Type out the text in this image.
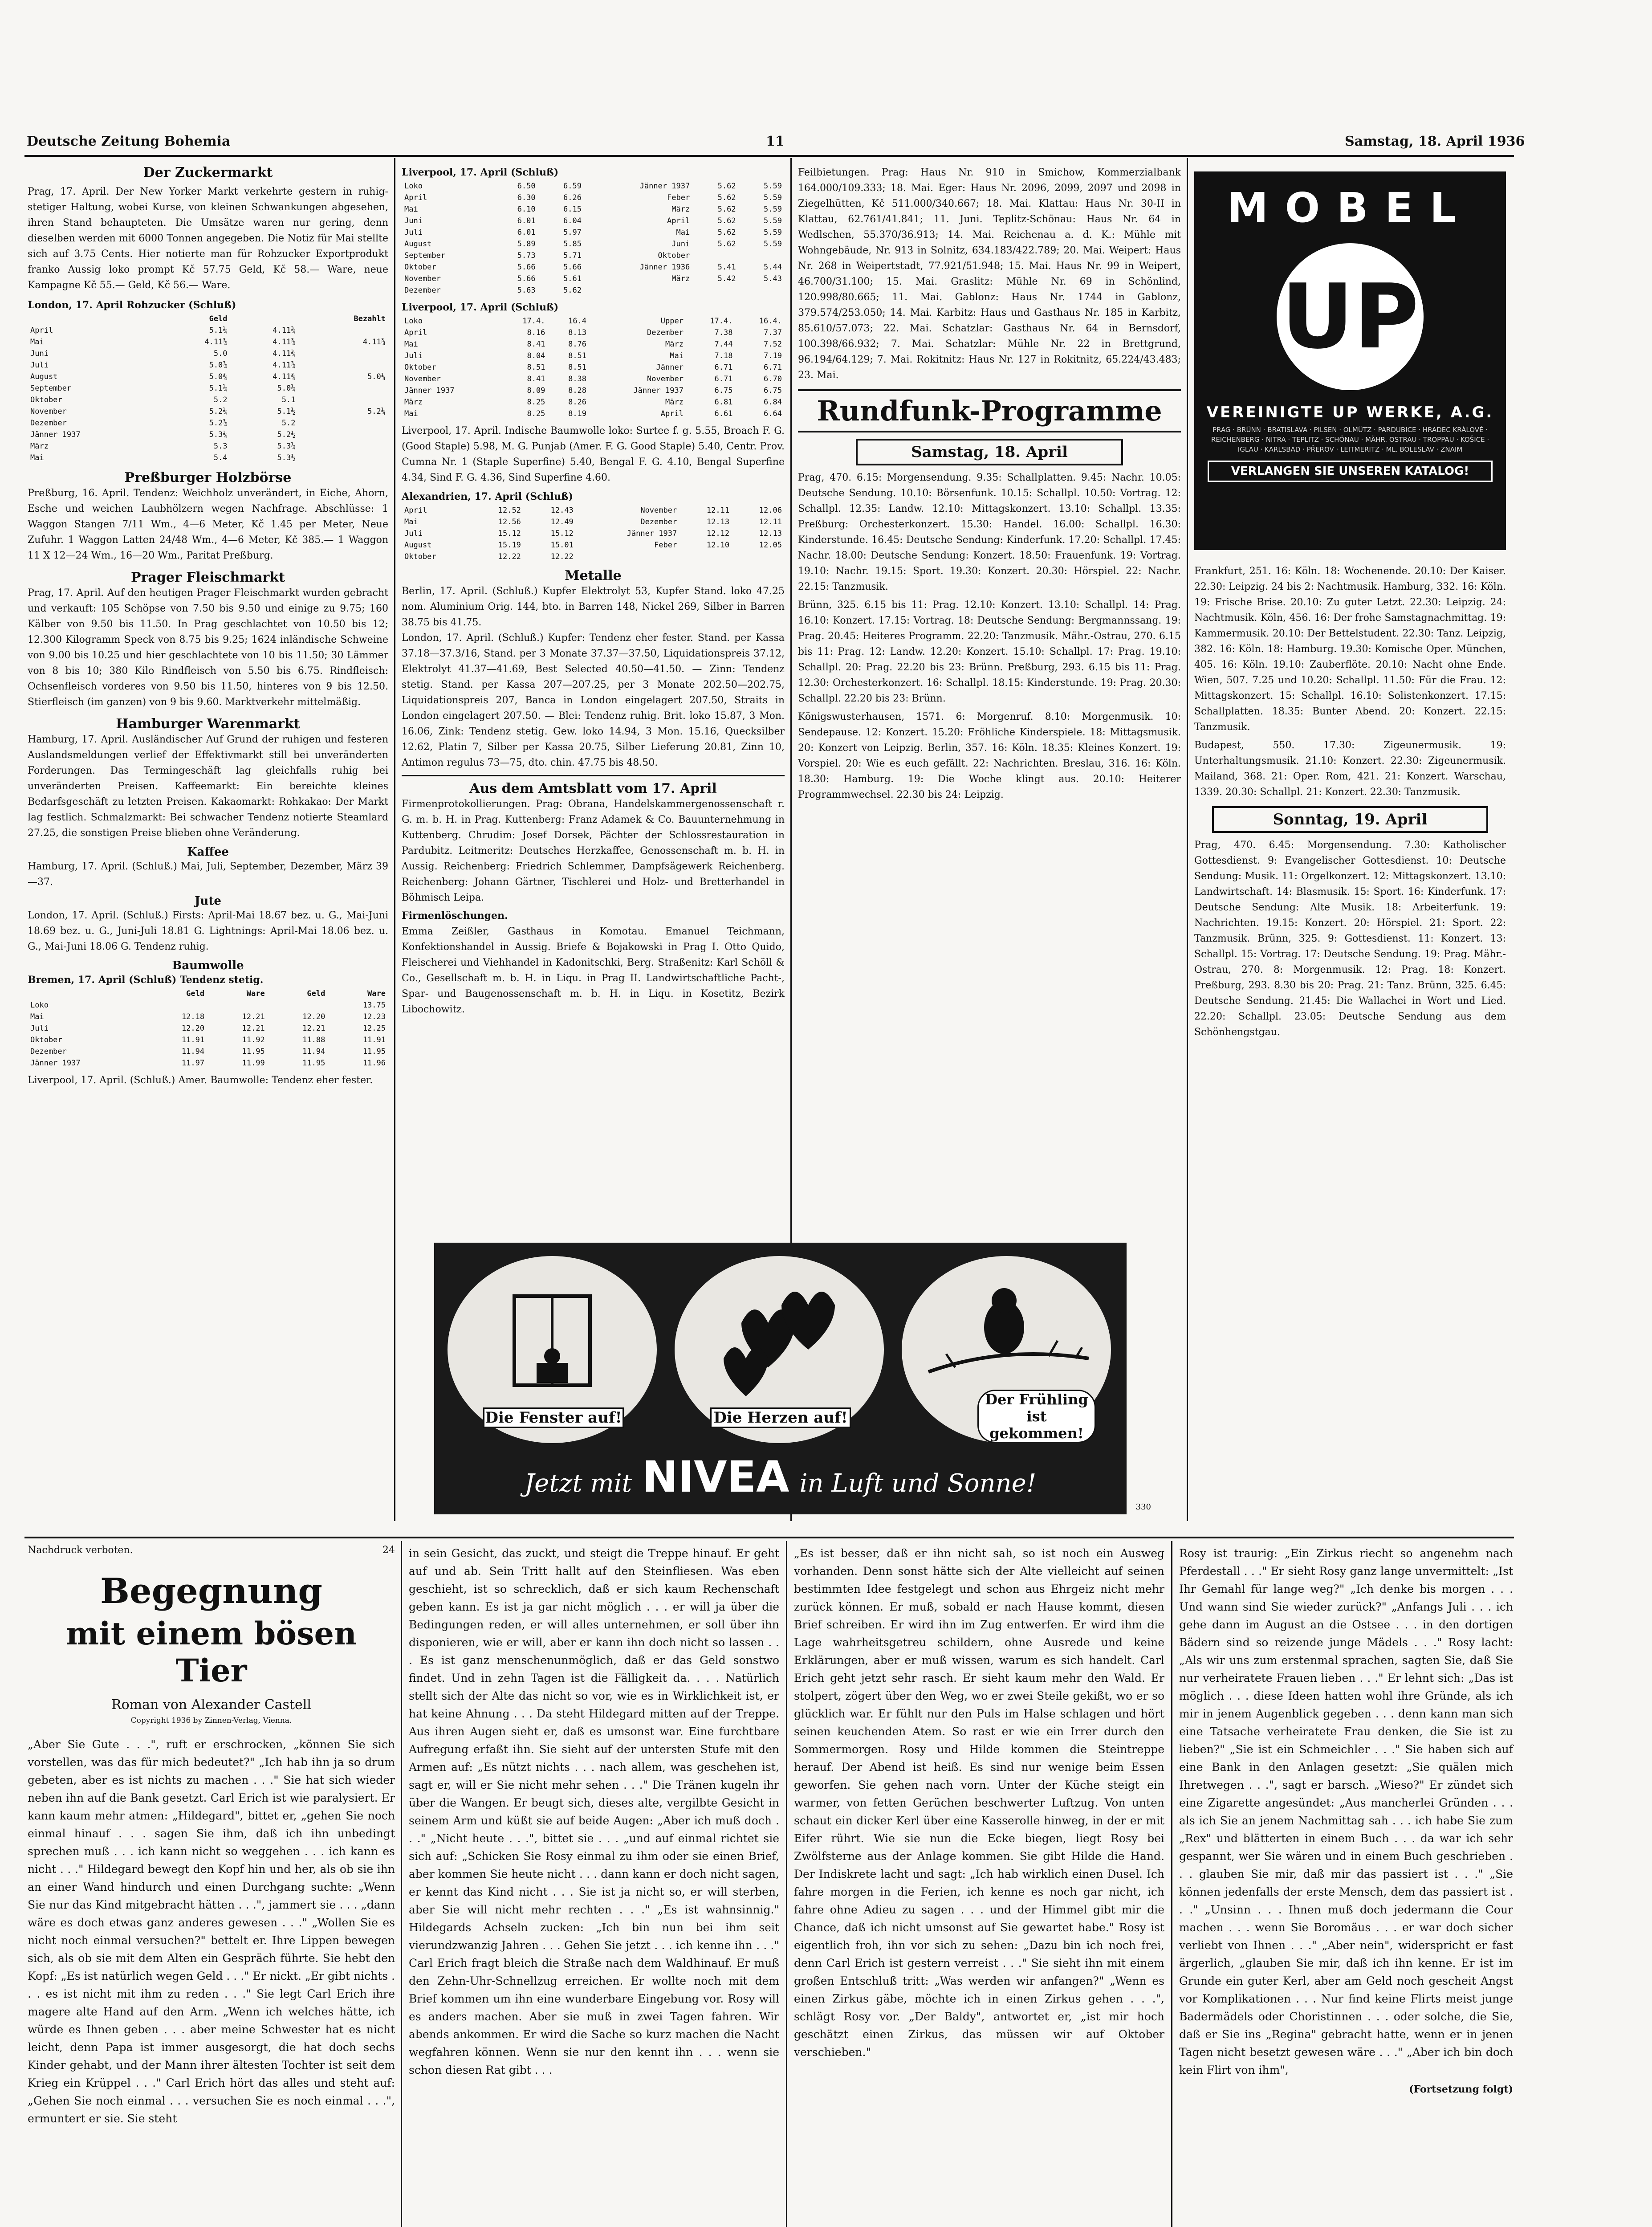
Deutsche Zeitung Bohemia	11	Samstag, 18. April 1936
Der Zuckermarkt
Prag, 17. April. Der New Yorker Markt verkehrte gestern in ruhig-stetiger Haltung, wobei Kurse, von kleinen Schwankungen abgesehen, ihren Stand behaupteten. Die Umsätze waren nur gering, denn dieselben werden mit 6000 Tonnen angegeben. Die Notiz für Mai stellte sich auf 3.75 Cents. Hier notierte man für Rohzucker Exportprodukt franko Aussig loko prompt Kč 57.75 Geld, Kč 58.— Ware, neue Kampagne Kč 55.— Geld, Kč 56.— Ware.
London, 17. April Rohzucker (Schluß)
	Geld		Bezahlt
April	5.1¼	4.11¾	
Mai	4.11¾	4.11¾	4.11¾
Juni	5.0	4.11¾	
Juli	5.0¾	4.11¾	
August	5.0¾	4.11¾	5.0¼
September	5.1¼	5.0¼	
Oktober	5.2	5.1	
November	5.2¼	5.1½	5.2¼
Dezember	5.2¾	5.2	
Jänner 1937	5.3¼	5.2½	
März	5.3	5.3¼	
Mai	5.4	5.3½	
Preßburger Holzbörse
Preßburg, 16. April. Tendenz: Weichholz unverändert, in Eiche, Ahorn, Esche und weichen Laubhölzern wegen Nachfrage. Abschlüsse: 1 Waggon Stangen 7/11 Wm., 4—6 Meter, Kč 1.45 per Meter, Neue Zufuhr. 1 Waggon Latten 24/48 Wm., 4—6 Meter, Kč 385.— 1 Waggon 11 X 12—24 Wm., 16—20 Wm., Paritat Preßburg.
Prager Fleischmarkt
Prag, 17. April. Auf den heutigen Prager Fleischmarkt wurden gebracht und verkauft: 105 Schöpse von 7.50 bis 9.50 und einige zu 9.75; 160 Kälber von 9.50 bis 11.50. In Prag geschlachtet von 10.50 bis 12; 12.300 Kilogramm Speck von 8.75 bis 9.25; 1624 inländische Schweine von 9.00 bis 10.25 und hier geschlachtete von 10 bis 11.50; 30 Lämmer von 8 bis 10; 380 Kilo Rindfleisch von 5.50 bis 6.75. Rindfleisch: Ochsenfleisch vorderes von 9.50 bis 11.50, hinteres von 9 bis 12.50. Stierfleisch (im ganzen) von 9 bis 9.60. Marktverkehr mittelmäßig.
Hamburger Warenmarkt
Hamburg, 17. April. Ausländischer Auf Grund der ruhigen und festeren Auslandsmeldungen verlief der Effektivmarkt still bei unveränderten Forderungen. Das Termingeschäft lag gleichfalls ruhig bei unveränderten Preisen. Kaffeemarkt: Ein bereichte kleines Bedarfsgeschäft zu letzten Preisen. Kakaomarkt: Rohkakao: Der Markt lag festlich. Schmalzmarkt: Bei schwacher Tendenz notierte Steamlard 27.25, die sonstigen Preise blieben ohne Veränderung.
Kaffee
Hamburg, 17. April. (Schluß.) Mai, Juli, September, Dezember, März 39—37.
Jute
London, 17. April. (Schluß.) Firsts: April-Mai 18.67 bez. u. G., Mai-Juni 18.69 bez. u. G., Juni-Juli 18.81 G. Lightnings: April-Mai 18.06 bez. u. G., Mai-Juni 18.06 G. Tendenz ruhig.
Baumwolle
Bremen, 17. April (Schluß) Tendenz stetig.
	Geld	Ware	Geld	Ware
Loko				13.75
Mai	12.18	12.21	12.20	12.23
Juli	12.20	12.21	12.21	12.25
Oktober	11.91	11.92	11.88	11.91
Dezember	11.94	11.95	11.94	11.95
Jänner 1937	11.97	11.99	11.95	11.96
Liverpool, 17. April. (Schluß.) Amer. Baumwolle: Tendenz eher fester.
Liverpool, 17. April (Schluß)
Loko	6.50	6.59	Jänner 1937	5.62	5.59
April	6.30	6.26	Feber	5.62	5.59
Mai	6.10	6.15	März	5.62	5.59
Juni	6.01	6.04	April	5.62	5.59
Juli	6.01	5.97	Mai	5.62	5.59
August	5.89	5.85	Juni	5.62	5.59
September	5.73	5.71	Oktober		
Oktober	5.66	5.66	Jänner 1936	5.41	5.44
November	5.66	5.61	März	5.42	5.43
Dezember	5.63	5.62			
Liverpool, 17. April (Schluß)
Loko	17.4.	16.4	Upper	17.4.	16.4.
April	8.16	8.13	Dezember	7.38	7.37
Mai	8.41	8.76	März	7.44	7.52
Juli	8.04	8.51	Mai	7.18	7.19
Oktober	8.51	8.51	Jänner	6.71	6.71
November	8.41	8.38	November	6.71	6.70
Jänner 1937	8.09	8.28	Jänner 1937	6.75	6.75
März	8.25	8.26	März	6.81	6.84
Mai	8.25	8.19	April	6.61	6.64
Liverpool, 17. April. Indische Baumwolle loko: Surtee f. g. 5.55, Broach F. G. (Good Staple) 5.98, M. G. Punjab (Amer. F. G. Good Staple) 5.40, Centr. Prov. Cumna Nr. 1 (Staple Superfine) 5.40, Bengal F. G. 4.10, Bengal Superfine 4.34, Sind F. G. 4.36, Sind Superfine 4.60.
Alexandrien, 17. April (Schluß)
April	12.52	12.43	November	12.11	12.06
Mai	12.56	12.49	Dezember	12.13	12.11
Juli	15.12	15.12	Jänner 1937	12.12	12.13
August	15.19	15.01	Feber	12.10	12.05
Oktober	12.22	12.22			
Metalle
Berlin, 17. April. (Schluß.) Kupfer Elektrolyt 53, Kupfer Stand. loko 47.25 nom. Aluminium Orig. 144, bto. in Barren 148, Nickel 269, Silber in Barren 38.75 bis 41.75.
London, 17. April. (Schluß.) Kupfer: Tendenz eher fester. Stand. per Kassa 37.18—37.3/16, Stand. per 3 Monate 37.37—37.50, Liquidationspreis 37.12, Elektrolyt 41.37—41.69, Best Selected 40.50—41.50. — Zinn: Tendenz stetig. Stand. per Kassa 207—207.25, per 3 Monate 202.50—202.75, Liquidationspreis 207, Banca in London eingelagert 207.50, Straits in London eingelagert 207.50. — Blei: Tendenz ruhig. Brit. loko 15.87, 3 Mon. 16.06, Zink: Tendenz stetig. Gew. loko 14.94, 3 Mon. 15.16, Quecksilber 12.62, Platin 7, Silber per Kassa 20.75, Silber Lieferung 20.81, Zinn 10, Antimon regulus 73—75, dto. chin. 47.75 bis 48.50.
Aus dem Amtsblatt vom 17. April
Firmenprotokollierungen. Prag: Obrana, Handelskammergenossenschaft r. G. m. b. H. in Prag. Kuttenberg: Franz Adamek & Co. Bauunternehmung in Kuttenberg. Chrudim: Josef Dorsek, Pächter der Schlossrestauration in Pardubitz. Leitmeritz: Deutsches Herzkaffee, Genossenschaft m. b. H. in Aussig. Reichenberg: Friedrich Schlemmer, Dampfsägewerk Reichenberg. Reichenberg: Johann Gärtner, Tischlerei und Holz- und Bretterhandel in Böhmisch Leipa.
Firmenlöschungen.
Emma Zeißler, Gasthaus in Komotau. Emanuel Teichmann, Konfektionshandel in Aussig. Briefe & Bojakowski in Prag I. Otto Quido, Fleischerei und Viehhandel in Kadonitschki, Berg. Straßenitz: Karl Schöll & Co., Gesellschaft m. b. H. in Liqu. in Prag II. Landwirtschaftliche Pacht-, Spar- und Baugenossenschaft m. b. H. in Liqu. in Kosetitz, Bezirk Libochowitz.
Feilbietungen. Prag: Haus Nr. 910 in Smichow, Kommerzialbank 164.000/109.333; 18. Mai. Eger: Haus Nr. 2096, 2099, 2097 und 2098 in Ziegelhütten, Kč 511.000/340.667; 18. Mai. Klattau: Haus Nr. 30-II in Klattau, 62.761/41.841; 11. Juni. Teplitz-Schönau: Haus Nr. 64 in Wedlschen, 55.370/36.913; 14. Mai. Reichenau a. d. K.: Mühle mit Wohngebäude, Nr. 913 in Solnitz, 634.183/422.789; 20. Mai. Weipert: Haus Nr. 268 in Weipertstadt, 77.921/51.948; 15. Mai. Haus Nr. 99 in Weipert, 46.700/31.100; 15. Mai. Graslitz: Mühle Nr. 69 in Schönlind, 120.998/80.665; 11. Mai. Gablonz: Haus Nr. 1744 in Gablonz, 379.574/253.050; 14. Mai. Karbitz: Haus und Gasthaus Nr. 185 in Karbitz, 85.610/57.073; 22. Mai. Schatzlar: Gasthaus Nr. 64 in Bernsdorf, 100.398/66.932; 7. Mai. Schatzlar: Mühle Nr. 22 in Brettgrund, 96.194/64.129; 7. Mai. Rokitnitz: Haus Nr. 127 in Rokitnitz, 65.224/43.483; 23. Mai.
Rundfunk-Programme
Samstag, 18. April
Prag, 470. 6.15: Morgensendung. 9.35: Schallplatten. 9.45: Nachr. 10.05: Deutsche Sendung. 10.10: Börsenfunk. 10.15: Schallpl. 10.50: Vortrag. 12: Schallpl. 12.35: Landw. 12.10: Mittagskonzert. 13.10: Schallpl. 13.35: Preßburg: Orchesterkonzert. 15.30: Handel. 16.00: Schallpl. 16.30: Kinderstunde. 16.45: Deutsche Sendung: Kinderfunk. 17.20: Schallpl. 17.45: Nachr. 18.00: Deutsche Sendung: Konzert. 18.50: Frauenfunk. 19: Vortrag. 19.10: Nachr. 19.15: Sport. 19.30: Konzert. 20.30: Hörspiel. 22: Nachr. 22.15: Tanzmusik.
Brünn, 325. 6.15 bis 11: Prag. 12.10: Konzert. 13.10: Schallpl. 14: Prag. 16.10: Konzert. 17.15: Vortrag. 18: Deutsche Sendung: Bergmannssang. 19: Prag. 20.45: Heiteres Programm. 22.20: Tanzmusik. Mähr.-Ostrau, 270. 6.15 bis 11: Prag. 12: Landw. 12.20: Konzert. 15.10: Schallpl. 17: Prag. 19.10: Schallpl. 20: Prag. 22.20 bis 23: Brünn. Preßburg, 293. 6.15 bis 11: Prag. 12.30: Orchesterkonzert. 16: Schallpl. 18.15: Kinderstunde. 19: Prag. 20.30: Schallpl. 22.20 bis 23: Brünn.
Königswusterhausen, 1571. 6: Morgenruf. 8.10: Morgenmusik. 10: Sendepause. 12: Konzert. 15.20: Fröhliche Kinderspiele. 18: Mittagsmusik. 20: Konzert von Leipzig. Berlin, 357. 16: Köln. 18.35: Kleines Konzert. 19: Vorspiel. 20: Wie es euch gefällt. 22: Nachrichten. Breslau, 316. 16: Köln. 18.30: Hamburg. 19: Die Woche klingt aus. 20.10: Heiterer Programmwechsel. 22.30 bis 24: Leipzig.
MOBEL
UP
VEREINIGTE UP WERKE, A.G.
PRAG · BRÜNN · BRATISLAVA · PILSEN · OLMÜTZ · PARDUBICE · HRADEC KRÁLOVÉ · REICHENBERG · NITRA · TEPLITZ · SCHÖNAU · MÄHR. OSTRAU · TROPPAU · KOŠICE · IGLAU · KARLSBAD · PŘEROV · LEITMERITZ · ML. BOLESLAV · ZNAIM
VERLANGEN SIE UNSEREN KATALOG!
Frankfurt, 251. 16: Köln. 18: Wochenende. 20.10: Der Kaiser. 22.30: Leipzig. 24 bis 2: Nachtmusik. Hamburg, 332. 16: Köln. 19: Frische Brise. 20.10: Zu guter Letzt. 22.30: Leipzig. 24: Nachtmusik. Köln, 456. 16: Der frohe Samstagnachmittag. 19: Kammermusik. 20.10: Der Bettelstudent. 22.30: Tanz. Leipzig, 382. 16: Köln. 18: Hamburg. 19.30: Komische Oper. München, 405. 16: Köln. 19.10: Zauberflöte. 20.10: Nacht ohne Ende. Wien, 507. 7.25 und 10.20: Schallpl. 11.50: Für die Frau. 12: Mittagskonzert. 15: Schallpl. 16.10: Solistenkonzert. 17.15: Schallplatten. 18.35: Bunter Abend. 20: Konzert. 22.15: Tanzmusik.
Budapest, 550. 17.30: Zigeunermusik. 19: Unterhaltungsmusik. 21.10: Konzert. 22.30: Zigeunermusik. Mailand, 368. 21: Oper. Rom, 421. 21: Konzert. Warschau, 1339. 20.30: Schallpl. 21: Konzert. 22.30: Tanzmusik.
Sonntag, 19. April
Prag, 470. 6.45: Morgensendung. 7.30: Katholischer Gottesdienst. 9: Evangelischer Gottesdienst. 10: Deutsche Sendung: Musik. 11: Orgelkonzert. 12: Mittagskonzert. 13.10: Landwirtschaft. 14: Blasmusik. 15: Sport. 16: Kinderfunk. 17: Deutsche Sendung: Alte Musik. 18: Arbeiterfunk. 19: Nachrichten. 19.15: Konzert. 20: Hörspiel. 21: Sport. 22: Tanzmusik. Brünn, 325. 9: Gottesdienst. 11: Konzert. 13: Schallpl. 15: Vortrag. 17: Deutsche Sendung. 19: Prag. Mähr.-Ostrau, 270. 8: Morgenmusik. 12: Prag. 18: Konzert. Preßburg, 293. 8.30 bis 20: Prag. 21: Tanz. Brünn, 325. 6.45: Deutsche Sendung. 21.45: Die Wallachei in Wort und Lied. 22.20: Schallpl. 23.05: Deutsche Sendung aus dem Schönhengstgau.
Die Fenster auf!	Die Herzen auf!
Der Frühling ist gekommen!
Jetzt mit NIVEA in Luft und Sonne!
330
Nachdruck verboten.	24
Begegnung
mit einem bösen Tier
Roman von Alexander Castell
Copyright 1936 by Zinnen-Verlag, Vienna.
„Aber Sie Gute . . .", ruft er erschrocken, „können Sie sich vorstellen, was das für mich bedeutet?" „Ich hab ihn ja so drum gebeten, aber es ist nichts zu machen . . ." Sie hat sich wieder neben ihn auf die Bank gesetzt. Carl Erich ist wie paralysiert. Er kann kaum mehr atmen: „Hildegard", bittet er, „gehen Sie noch einmal hinauf . . . sagen Sie ihm, daß ich ihn unbedingt sprechen muß . . . ich kann nicht so weggehen . . . ich kann es nicht . . ." Hildegard bewegt den Kopf hin und her, als ob sie ihn an einer Wand hindurch und einen Durchgang suchte: „Wenn Sie nur das Kind mitgebracht hätten . . .", jammert sie . . . „dann wäre es doch etwas ganz anderes gewesen . . ." „Wollen Sie es nicht noch einmal versuchen?" bettelt er. Ihre Lippen bewegen sich, als ob sie mit dem Alten ein Gespräch führte. Sie hebt den Kopf: „Es ist natürlich wegen Geld . . ." Er nickt. „Er gibt nichts . . . es ist nicht mit ihm zu reden . . ." Sie legt Carl Erich ihre magere alte Hand auf den Arm. „Wenn ich welches hätte, ich würde es Ihnen geben . . . aber meine Schwester hat es nicht leicht, denn Papa ist immer ausgesorgt, die hat doch sechs Kinder gehabt, und der Mann ihrer ältesten Tochter ist seit dem Krieg ein Krüppel . . ." Carl Erich hört das alles und steht auf: „Gehen Sie noch einmal . . . versuchen Sie es noch einmal . . .", ermuntert er sie. Sie steht
in sein Gesicht, das zuckt, und steigt die Treppe hinauf. Er geht auf und ab. Sein Tritt hallt auf den Steinfliesen. Was eben geschieht, ist so schrecklich, daß er sich kaum Rechenschaft geben kann. Es ist ja gar nicht möglich . . . er will ja über die Bedingungen reden, er will alles unternehmen, er soll über ihn disponieren, wie er will, aber er kann ihn doch nicht so lassen . . . Es ist ganz menschenunmöglich, daß er das Geld sonstwo findet. Und in zehn Tagen ist die Fälligkeit da. . . . Natürlich stellt sich der Alte das nicht so vor, wie es in Wirklichkeit ist, er hat keine Ahnung . . . Da steht Hildegard mitten auf der Treppe. Aus ihren Augen sieht er, daß es umsonst war. Eine furchtbare Aufregung erfaßt ihn. Sie sieht auf der untersten Stufe mit den Armen auf: „Es nützt nichts . . . nach allem, was geschehen ist, sagt er, will er Sie nicht mehr sehen . . ." Die Tränen kugeln ihr über die Wangen. Er beugt sich, dieses alte, vergilbte Gesicht in seinem Arm und küßt sie auf beide Augen: „Aber ich muß doch . . ." „Nicht heute . . .", bittet sie . . . „und auf einmal richtet sie sich auf: „Schicken Sie Rosy einmal zu ihm oder sie einen Brief, aber kommen Sie heute nicht . . . dann kann er doch nicht sagen, er kennt das Kind nicht . . . Sie ist ja nicht so, er will sterben, aber Sie will nicht mehr rechten . . ." „Es ist wahnsinnig." Hildegards Achseln zucken: „Ich bin nun bei ihm seit vierundzwanzig Jahren . . . Gehen Sie jetzt . . . ich kenne ihn . . ." Carl Erich fragt bleich die Straße nach dem Waldhinauf. Er muß den Zehn-Uhr-Schnellzug erreichen. Er wollte noch mit dem Brief kommen um ihn eine wunderbare Eingebung vor. Rosy will es anders machen. Aber sie muß in zwei Tagen fahren. Wir abends ankommen. Er wird die Sache so kurz machen die Nacht wegfahren können. Wenn sie nur den kennt ihn . . . wenn sie schon diesen Rat gibt . . .
„Es ist besser, daß er ihn nicht sah, so ist noch ein Ausweg vorhanden. Denn sonst hätte sich der Alte vielleicht auf seinen bestimmten Idee festgelegt und schon aus Ehrgeiz nicht mehr zurück können. Er muß, sobald er nach Hause kommt, diesen Brief schreiben. Er wird ihn im Zug entwerfen. Er wird ihm die Lage wahrheitsgetreu schildern, ohne Ausrede und keine Erklärungen, aber er muß wissen, warum es sich handelt. Carl Erich geht jetzt sehr rasch. Er sieht kaum mehr den Wald. Er stolpert, zögert über den Weg, wo er zwei Steile gekißt, wo er so glücklich war. Er fühlt nur den Puls im Halse schlagen und hört seinen keuchenden Atem. So rast er wie ein Irrer durch den Sommermorgen. Rosy und Hilde kommen die Steintreppe herauf. Der Abend ist heiß. Es sind nur wenige beim Essen geworfen. Sie gehen nach vorn. Unter der Küche steigt ein warmer, von fetten Gerüchen beschwerter Luftzug. Von unten schaut ein dicker Kerl über eine Kasserolle hinweg, in der er mit Eifer rührt. Wie sie nun die Ecke biegen, liegt Rosy bei Zwölfsterne aus der Anlage kommen. Sie gibt Hilde die Hand. Der Indiskrete lacht und sagt: „Ich hab wirklich einen Dusel. Ich fahre morgen in die Ferien, ich kenne es noch gar nicht, ich fahre ohne Adieu zu sagen . . . und der Himmel gibt mir die Chance, daß ich nicht umsonst auf Sie gewartet habe." Rosy ist eigentlich froh, ihn vor sich zu sehen: „Dazu bin ich noch frei, denn Carl Erich ist gestern verreist . . ." Sie sieht ihn mit einem großen Entschluß tritt: „Was werden wir anfangen?" „Wenn es einen Zirkus gäbe, möchte ich in einen Zirkus gehen . . .", schlägt Rosy vor. „Der Baldy", antwortet er, „ist mir hoch geschätzt einen Zirkus, das müssen wir auf Oktober verschieben."
Rosy ist traurig: „Ein Zirkus riecht so angenehm nach Pferdestall . . ." Er sieht Rosy ganz lange unvermittelt: „Ist Ihr Gemahl für lange weg?" „Ich denke bis morgen . . . Und wann sind Sie wieder zurück?" „Anfangs Juli . . . ich gehe dann im August an die Ostsee . . . in den dortigen Bädern sind so reizende junge Mädels . . ." Rosy lacht: „Als wir uns zum erstenmal sprachen, sagten Sie, daß Sie nur verheiratete Frauen lieben . . ." Er lehnt sich: „Das ist möglich . . . diese Ideen hatten wohl ihre Gründe, als ich mir in jenem Augenblick gegeben . . . denn kann man sich eine Tatsache verheiratete Frau denken, die Sie ist zu lieben?" „Sie ist ein Schmeichler . . ." Sie haben sich auf eine Bank in den Anlagen gesetzt: „Sie quälen mich Ihretwegen . . .", sagt er barsch. „Wieso?" Er zündet sich eine Zigarette angesündet: „Aus mancherlei Gründen . . . als ich Sie an jenem Nachmittag sah . . . ich habe Sie zum „Rex" und blätterten in einem Buch . . . da war ich sehr gespannt, wer Sie wären und in einem Buch geschrieben . . . glauben Sie mir, daß mir das passiert ist . . ." „Sie können jedenfalls der erste Mensch, dem das passiert ist . . ." „Unsinn . . . Ihnen muß doch jedermann die Cour machen . . . wenn Sie Boromäus . . . er war doch sicher verliebt von Ihnen . . ." „Aber nein", widerspricht er fast ärgerlich, „glauben Sie mir, daß ich ihn kenne. Er ist im Grunde ein guter Kerl, aber am Geld noch gescheit Angst vor Komplikationen . . . Nur find keine Flirts meist junge Badermädels oder Choristinnen . . . oder solche, die Sie, daß er Sie ins „Regina" gebracht hatte, wenn er in jenen Tagen nicht besetzt gewesen wäre . . ." „Aber ich bin doch kein Flirt von ihm",
(Fortsetzung folgt)
